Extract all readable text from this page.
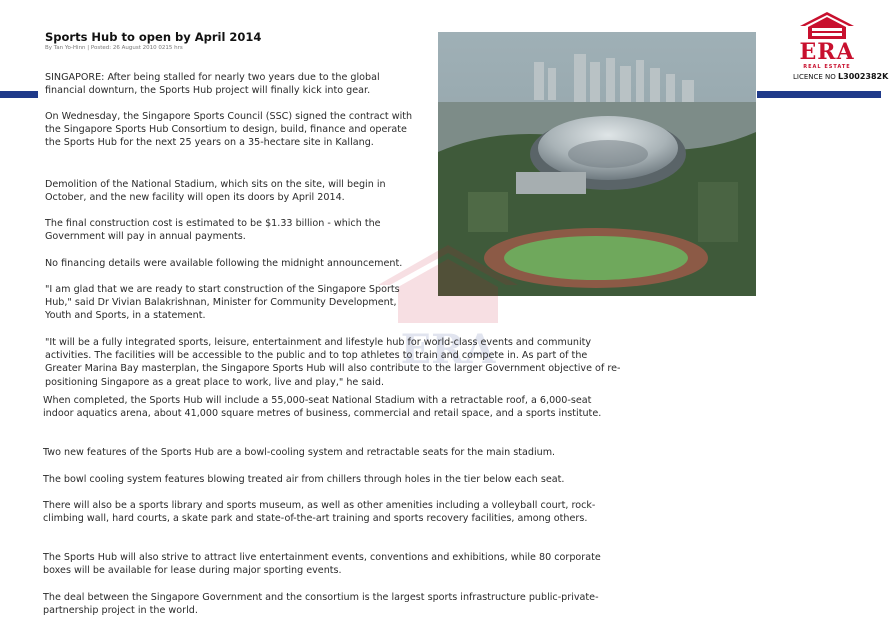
ERA
REAL ESTATE
LICENCE NO L3002382K
ERA
Sports Hub to open by April 2014
By Tan Yo-Hinn | Posted: 26 August 2010 0215 hrs
SINGAPORE: After being stalled for nearly two years due to the global financial downturn, the Sports Hub project will finally kick into gear.
On Wednesday, the Singapore Sports Council (SSC) signed the contract with the Singapore Sports Hub Consortium to design, build, finance and operate the Sports Hub for the next 25 years on a 35-hectare site in Kallang.
Demolition of the National Stadium, which sits on the site, will begin in October, and the new facility will open its doors by April 2014.
The final construction cost is estimated to be $1.33 billion - which the Government will pay in annual payments.
No financing details were available following the midnight announcement.
"I am glad that we are ready to start construction of the Singapore Sports Hub," said Dr Vivian Balakrishnan, Minister for Community Development, Youth and Sports, in a statement.
"It will be a fully integrated sports, leisure, entertainment and lifestyle hub for world-class events and community activities. The facilities will be accessible to the public and to top athletes to train and compete in. As part of the Greater Marina Bay masterplan, the Singapore Sports Hub will also contribute to the larger Government objective of re-positioning Singapore as a great place to work, live and play," he said.
When completed, the Sports Hub will include a 55,000-seat National Stadium with a retractable roof, a 6,000-seat indoor aquatics arena, about 41,000 square metres of business, commercial and retail space, and a sports institute.
Two new features of the Sports Hub are a bowl-cooling system and retractable seats for the main stadium.
The bowl cooling system features blowing treated air from chillers through holes in the tier below each seat.
There will also be a sports library and sports museum, as well as other amenities including a volleyball court, rock-climbing wall, hard courts, a skate park and state-of-the-art training and sports recovery facilities, among others.
The Sports Hub will also strive to attract live entertainment events, conventions and exhibitions, while 80 corporate boxes will be available for lease during major sporting events.
The deal between the Singapore Government and the consortium is the largest sports infrastructure public-private-partnership project in the world.
